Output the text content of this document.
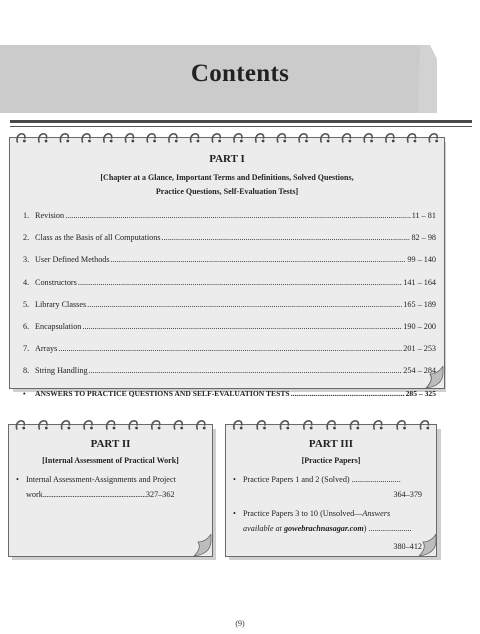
Contents
PART I
[Chapter at a Glance, Important Terms and Definitions, Solved Questions,
Practice Questions, Self-Evaluation Tests]
1. Revision .....	11 – 81
2. Class as the Basis of all Computations .....	82 – 98
3. User Defined Methods .....	99 – 140
4. Constructors .....	141 – 164
5. Library Classes .....	165 – 189
6. Encapsulation .....	190 – 200
7. Arrays .....	201 – 253
8. String Handling .....	254 – 284
•	ANSWERS TO PRACTICE QUESTIONS AND SELF-EVALUATION TESTS .....	285 – 325
PART II
[Internal Assessment of Practical Work]
• Internal Assessment-Assignments and Project
work...........................................................327–362
PART III
[Practice Papers]
• Practice Papers 1 and 2 (Solved) ........................
364–379
• Practice Papers 3 to 10 (Unsolved—Answers
available at gowebrachnasagar.com) .....................
380–412
(9)
